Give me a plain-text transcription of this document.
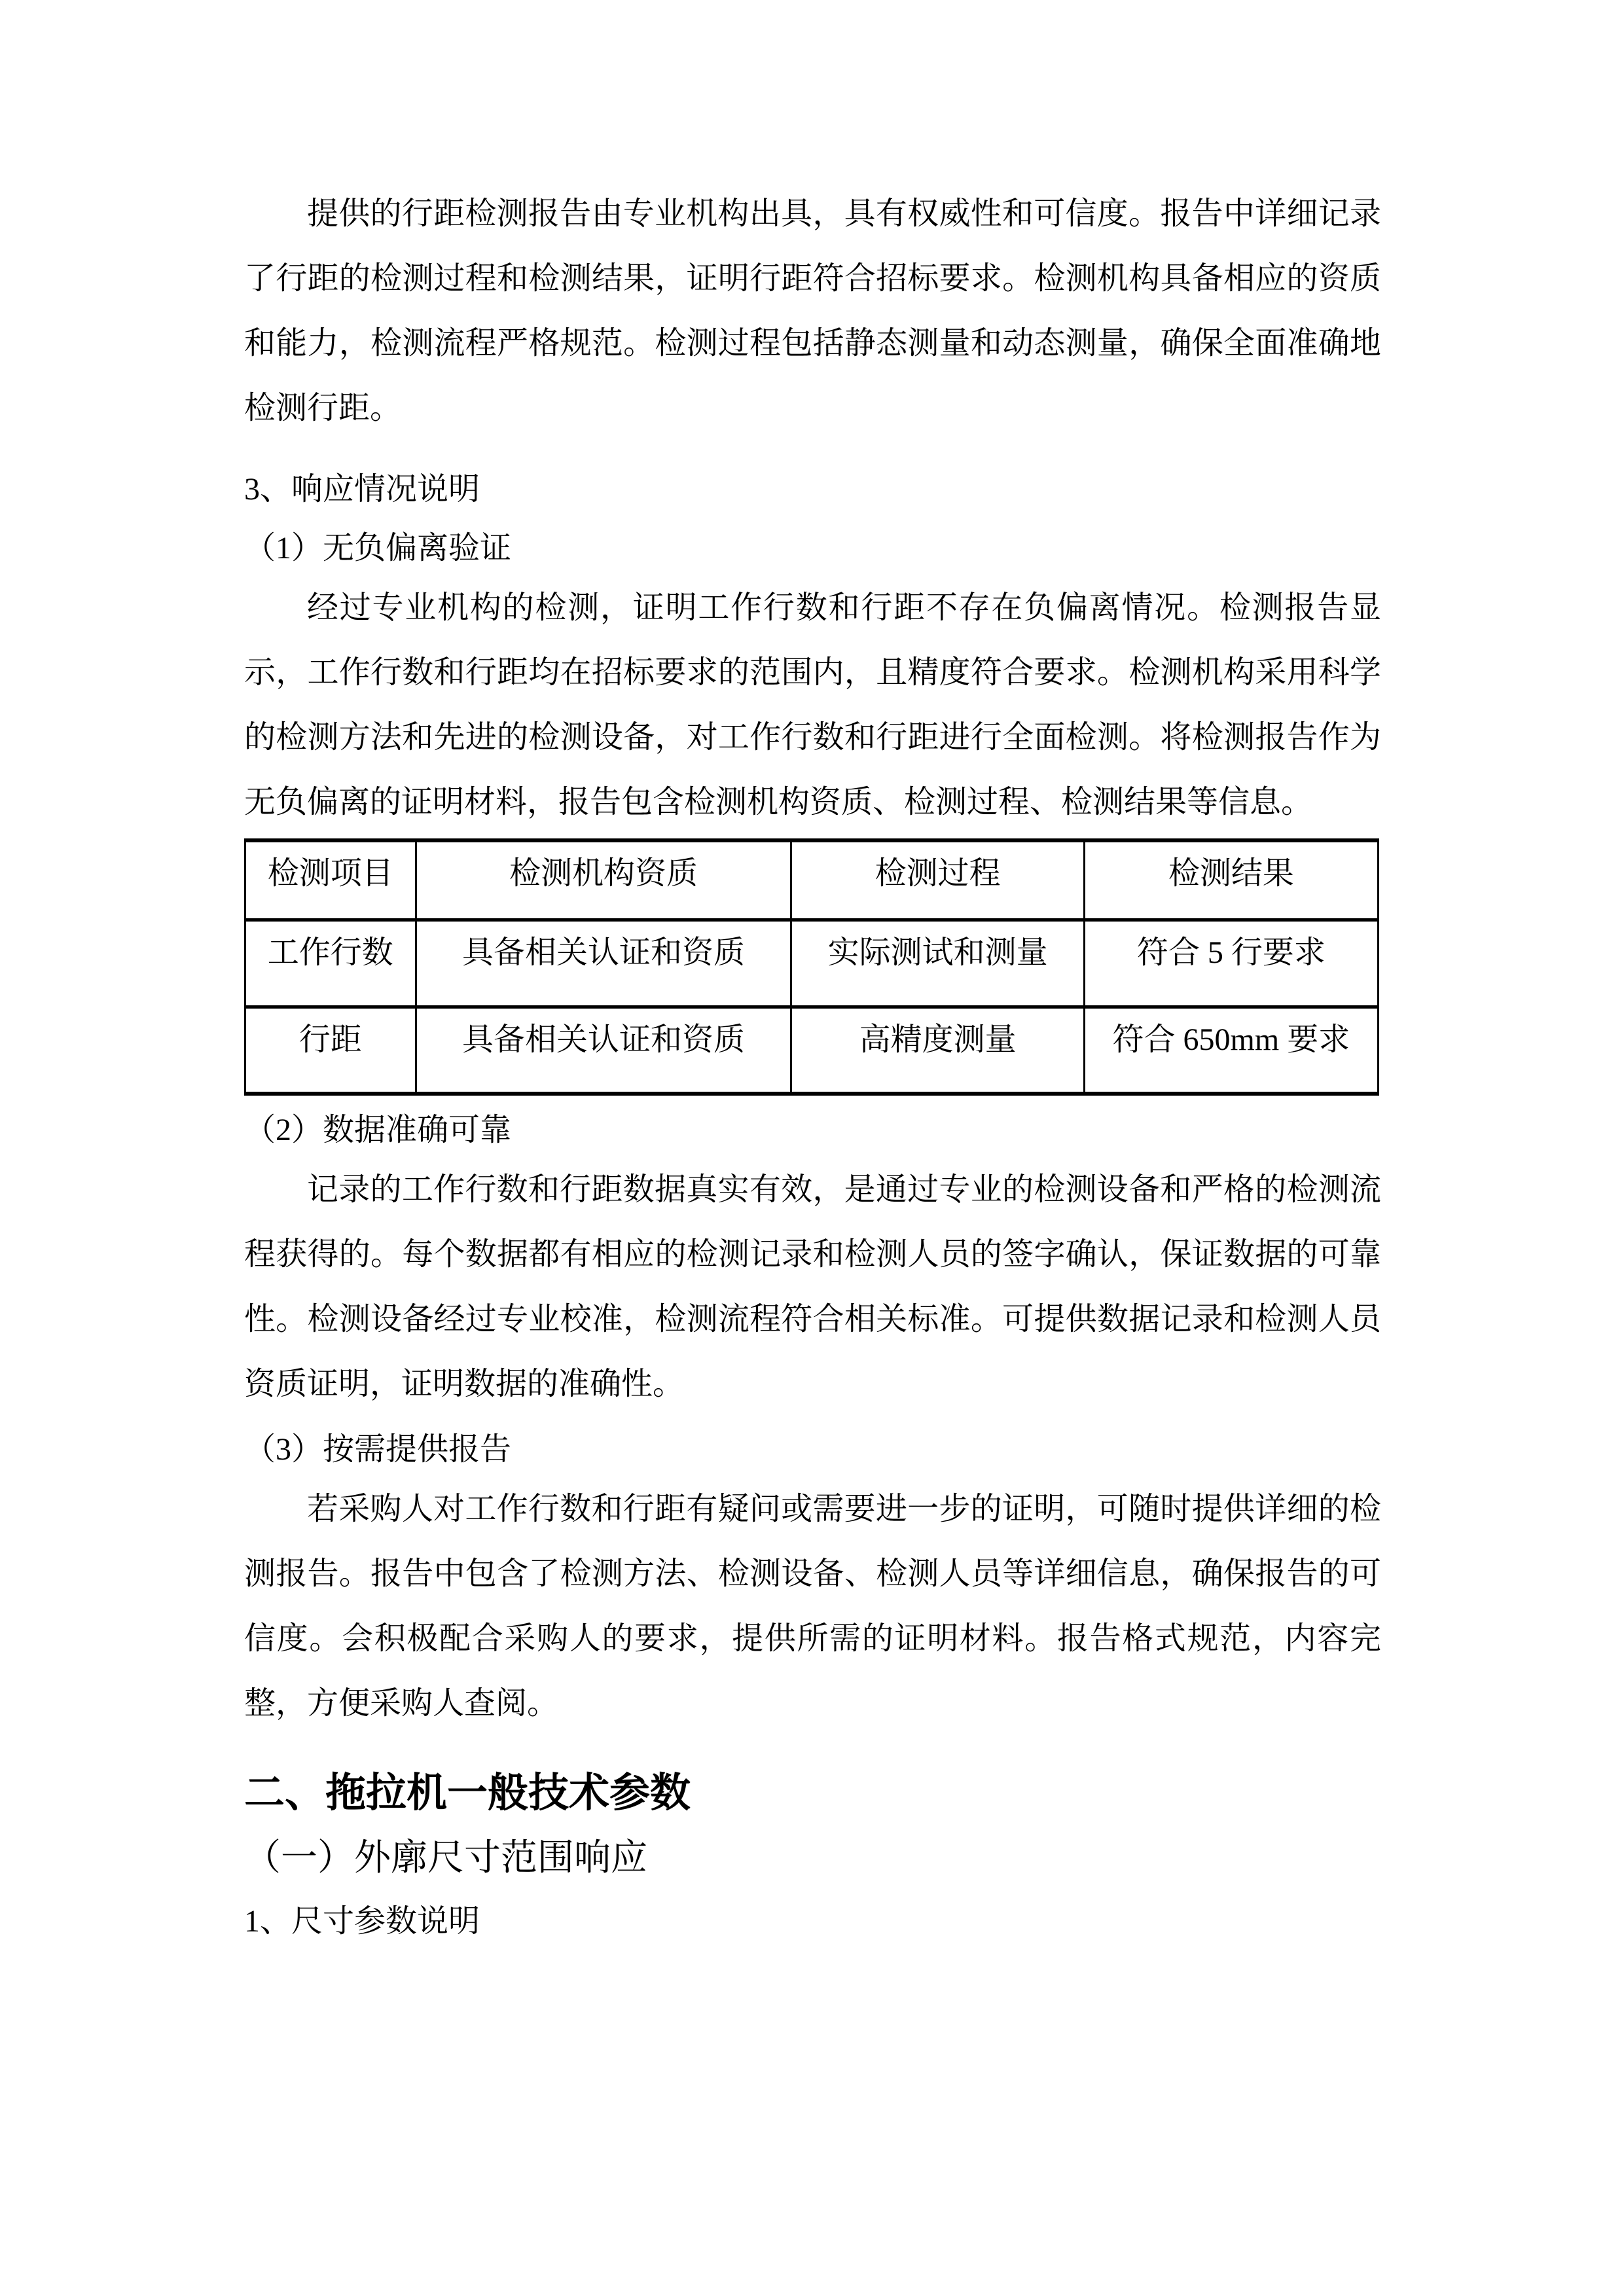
提供的行距检测报告由专业机构出具，具有权威性和可信度。报告中详细记录了行距的检测过程和检测结果，证明行距符合招标要求。检测机构具备相应的资质和能力，检测流程严格规范。检测过程包括静态测量和动态测量，确保全面准确地检测行距。

3、响应情况说明
（1）无负偏离验证

经过专业机构的检测，证明工作行数和行距不存在负偏离情况。检测报告显示，工作行数和行距均在招标要求的范围内，且精度符合要求。检测机构采用科学的检测方法和先进的检测设备，对工作行数和行距进行全面检测。将检测报告作为无负偏离的证明材料，报告包含检测机构资质、检测过程、检测结果等信息。

检测项目	检测机构资质	检测过程	检测结果
工作行数	具备相关认证和资质	实际测试和测量	符合 5 行要求
行距	具备相关认证和资质	高精度测量	符合 650mm 要求
（2）数据准确可靠

记录的工作行数和行距数据真实有效，是通过专业的检测设备和严格的检测流程获得的。每个数据都有相应的检测记录和检测人员的签字确认，保证数据的可靠性。检测设备经过专业校准，检测流程符合相关标准。可提供数据记录和检测人员资质证明，证明数据的准确性。

（3）按需提供报告

若采购人对工作行数和行距有疑问或需要进一步的证明，可随时提供详细的检测报告。报告中包含了检测方法、检测设备、检测人员等详细信息，确保报告的可信度。会积极配合采购人的要求，提供所需的证明材料。报告格式规范，内容完整，方便采购人查阅。

二、拖拉机一般技术参数
（一）外廓尺寸范围响应
1、尺寸参数说明
